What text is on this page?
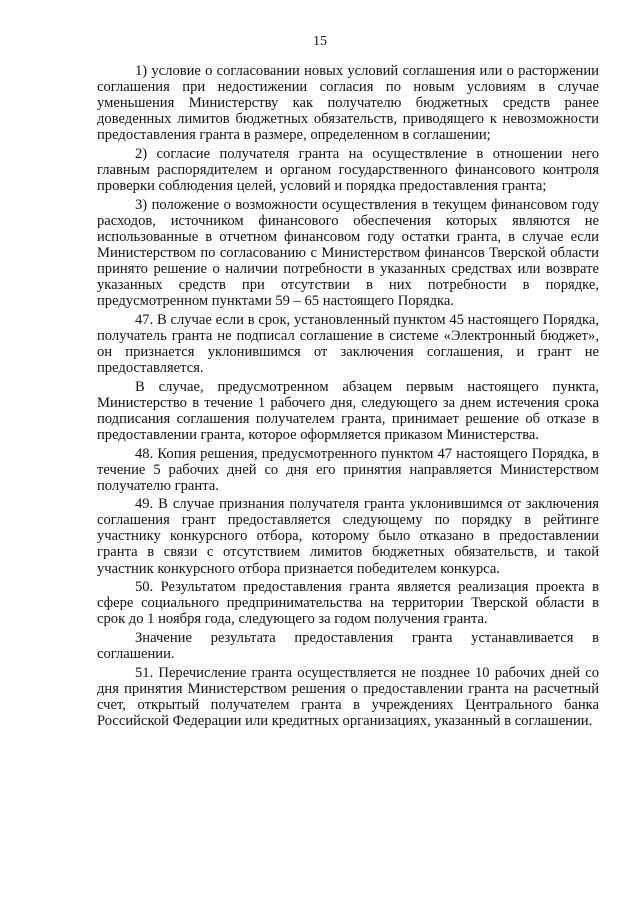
15

1) условие о согласовании новых условий соглашения или о расторжении соглашения при недостижении согласия по новым условиям в случае уменьшения Министерству как получателю бюджетных средств ранее доведенных лимитов бюджетных обязательств, приводящего к невозможности предоставления гранта в размере, определенном в соглашении;

2) согласие получателя гранта на осуществление в отношении него главным распорядителем и органом государственного финансового контроля проверки соблюдения целей, условий и порядка предоставления гранта;

3) положение о возможности осуществления в текущем финансовом году расходов, источником финансового обеспечения которых являются не использованные в отчетном финансовом году остатки гранта, в случае если Министерством по согласованию с Министерством финансов Тверской области принято решение о наличии потребности в указанных средствах или возврате указанных средств при отсутствии в них потребности в порядке, предусмотренном пунктами 59 – 65 настоящего Порядка.

47. В случае если в срок, установленный пунктом 45 настоящего Порядка, получатель гранта не подписал соглашение в системе «Электронный бюджет», он признается уклонившимся от заключения соглашения, и грант не предоставляется.

В случае, предусмотренном абзацем первым настоящего пункта, Министерство в течение 1 рабочего дня, следующего за днем истечения срока подписания соглашения получателем гранта, принимает решение об отказе в предоставлении гранта, которое оформляется приказом Министерства.

48. Копия решения, предусмотренного пунктом 47 настоящего Порядка, в течение 5 рабочих дней со дня его принятия направляется Министерством получателю гранта.

49. В случае признания получателя гранта уклонившимся от заключения соглашения грант предоставляется следующему по порядку в рейтинге участнику конкурсного отбора, которому было отказано в предоставлении гранта в связи с отсутствием лимитов бюджетных обязательств, и такой участник конкурсного отбора признается победителем конкурса.

50. Результатом предоставления гранта является реализация проекта в сфере социального предпринимательства на территории Тверской области в срок до 1 ноября года, следующего за годом получения гранта.

Значение результата предоставления гранта устанавливается в соглашении.

51. Перечисление гранта осуществляется не позднее 10 рабочих дней со дня принятия Министерством решения о предоставлении гранта на расчетный счет, открытый получателем гранта в учреждениях Центрального банка Российской Федерации или кредитных организациях, указанный в соглашении.
